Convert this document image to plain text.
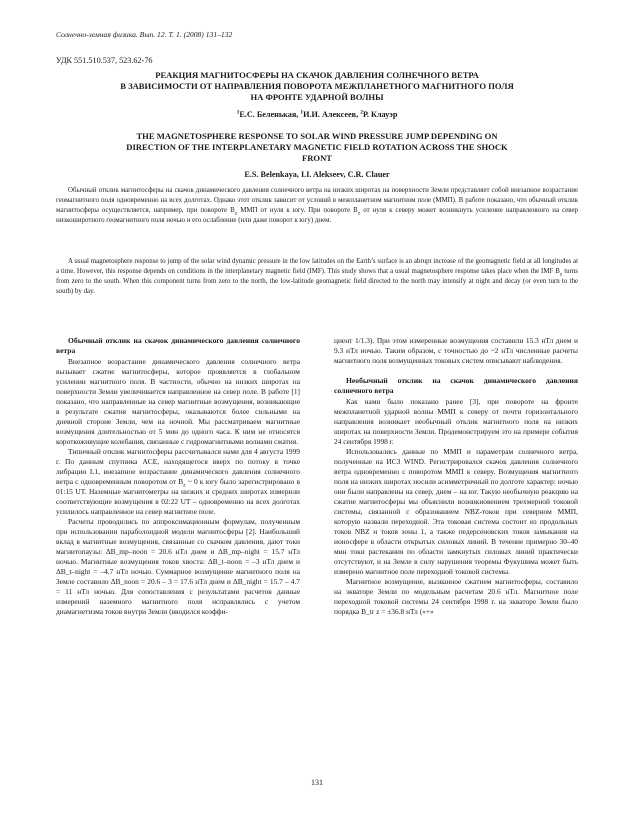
Солнечно-земная физика. Вып. 12. Т. 1. (2008) 131–132
УДК 551.510.537, 523.62-76
РЕАКЦИЯ МАГНИТОСФЕРЫ НА СКАЧОК ДАВЛЕНИЯ СОЛНЕЧНОГО ВЕТРА
В ЗАВИСИМОСТИ ОТ НАПРАВЛЕНИЯ ПОВОРОТА МЕЖПЛАНЕТНОГО МАГНИТНОГО ПОЛЯ
НА ФРОНТЕ УДАРНОЙ ВОЛНЫ
$^1$Е.С. Беленькая, $^1$И.И. Алексеев, $^2$Р. Клауэр
THE MAGNETOSPHERE RESPONSE TO SOLAR WIND PRESSURE JUMP DEPENDING ON
DIRECTION OF THE INTERPLANETARY MAGNETIC FIELD ROTATION ACROSS THE SHOCK
FRONT
E.S. Belenkaya, I.I. Alekseev, C.R. Clauer
Обычный отклик магнитосферы на скачок динамического давления солнечного ветра на низких широтах на поверхности Земли представляет собой внезапное возрастание геомагнитного поля одновременно на всех долготах. Однако этот отклик зависит от условий в межпланетном магнитном поле (ММП). В работе показано, что обычный отклик магнитосферы осуществляется, например, при повороте $B_z$ ММП от нуля к югу. При повороте $B_z$ от нуля к северу может возникнуть усиление направленного на север низкоширотного геомагнитного поля ночью и его ослабление (или даже поворот к югу) днем.
A usual magnetosphere response to jump of the solar wind dynamic pressure in the low latitudes on the Earth’s surface is an abrupt increase of the geomagnetic field at all longitudes at a time. However, this response depends on conditions in the interplanetary magnetic field (IMF). This study shows that a usual magnetosphere response takes place when the IMF $B_z$ turns from zero to the south. When this component turns from zero to the north, the low-latitude geomagnetic field directed to the north may intensify at night and decay (or even turn to the south) by day.
Обычный отклик на скачок динамического давления солнечного ветра

Внезапное возрастание динамического давления солнечного ветра вызывает сжатие магнитосферы, которое проявляется в глобальном усилении магнитного поля. В частности, обычно на низких широтах на поверхности Земли увеличивается направленное на север поле. В работе [1] показано, что направленные на север магнитные возмущения, возникающие в результате сжатия магнитосферы, оказываются более сильными на дневной стороне Земли, чем на ночной. Мы рассматриваем магнитные возмущения длительностью от 5 мин до одного часа. К ним не относятся короткоживущие колебания, связанные с гидромагнитными волнами сжатия.

Типичный отклик магнитосферы рассчитывался нами для 4 августа 1999 г. По данным спутника ACE, находящегося вверх по потоку в точке либрации L1, внезапное возрастание динамического давления солнечного ветра с одновременным поворотом от $B_z$ ~ 0 к югу было зарегистрировано в 01:15 UT. Наземные магнитометры на низких и средних широтах измерили соответствующие возмущения в 02:22 UT – одновременно на всех долготах усилилось направленное на север магнитное поле.

Расчеты проводились по аппроксимационным формулам, полученным при использовании параболоидной модели магнитосферы [2]. Наибольший вклад в магнитные возмущения, связанные со скачком давления, дают токи магнитопаузы: ΔB_mp–noon = 20.6 нТл днем и ΔB_mp–night = 15.7 нТл ночью. Магнитные возмущения токов хвоста: ΔB_t–noon = –3 нТл днем и ΔB_t–night = –4.7 нТл ночью. Суммарное возмущение магнитного поля на Земле составило ΔB_noon = 20.6 – 3 = 17.6 нТл днем и ΔB_night = 15.7 – 4.7 = 11 нТл ночью. Для сопоставления с результатами расчетов данные измерений наземного магнитного поля исправлялись с учетом диамагнетизма токов внутри Земли (вводился коэффи-

циент 1/1.3). При этом измеренные возмущения составили 15.3 нТл днем и 9.3 нТл ночью. Таким образом, с точностью до ~2 нТл численные расчеты магнитного поля возмущенных токовых систем описывают наблюдения.

Необычный отклик на скачок динамического давления солнечного ветра

Как нами было показано ранее [3], при повороте на фронте межпланетной ударной волны ММП к северу от почти горизонтального направления возникает необычный отклик магнитного поля на низких широтах на поверхности Земли. Продемонстрируем это на примере события 24 сентября 1998 г.

Использовались данные по ММП и параметрам солнечного ветра, полученные на ИСЗ WIND. Регистрировался скачок давления солнечного ветра одновременно с поворотом ММП к северу. Возмущения магнитного поля на низких широтах носили асимметричный по долготе характер: ночью они были направлены на север, днем – на юг. Такую необычную реакцию на сжатие магнитосферы мы объяснили возникновением трехмерной токовой системы, связанной с образованием NBZ-токов при северном ММП, которую назвали переходной. Эта токовая система состоит из продольных токов NBZ и токов зоны 1, а также педерсеновских токов замыкания на ионосфере в области открытых силовых линий. В течение примерно 30–40 мин токи растекания по области замкнутых силовых линий практически отсутствуют, и на Земле в силу нарушения теоремы Фукушима может быть измерено магнитное поле переходной токовой системы.

Магнитное возмущение, вызванное сжатием магнитосферы, составило на экваторе Земли по модельным расчетам 20.6 нТл. Магнитное поле переходной токовой системы 24 сентября 1998 г. на экваторе Земли было порядка B_tr z = ±36.8 нТл («+»

131
